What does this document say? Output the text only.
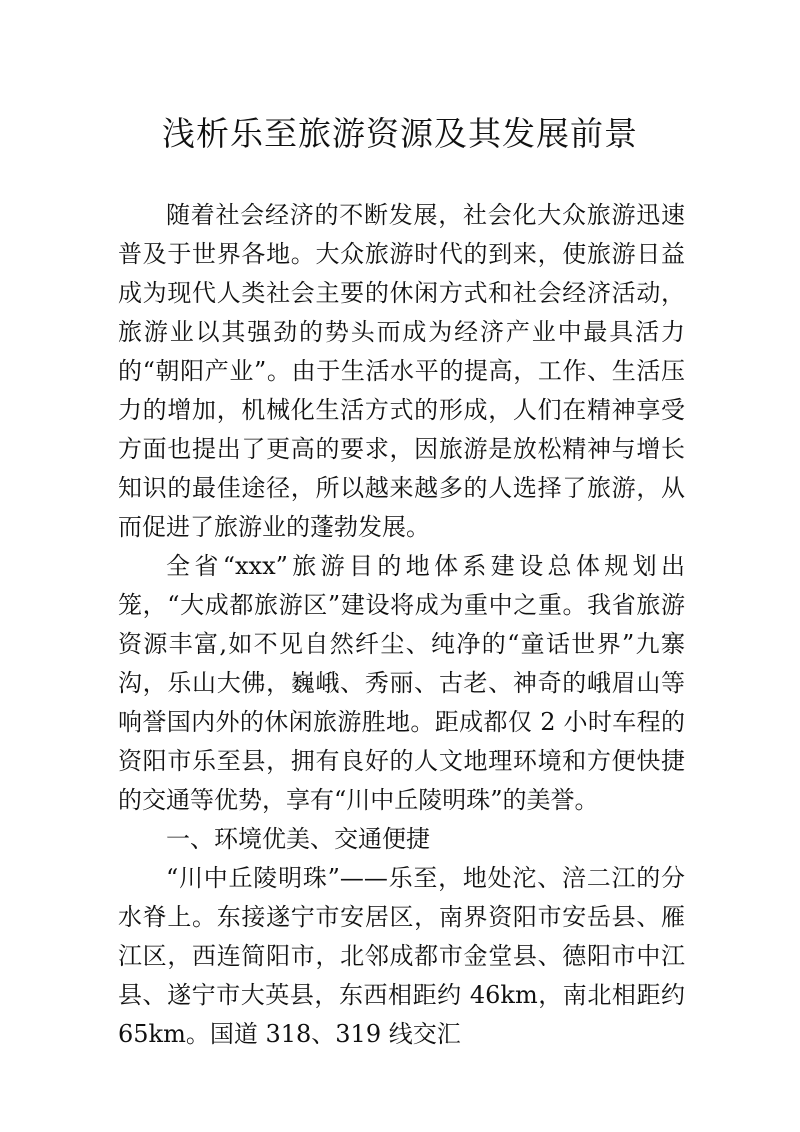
浅析乐至旅游资源及其发展前景

随着社会经济的不断发展，社会化大众旅游迅速普及于世界各地。大众旅游时代的到来，使旅游日益成为现代人类社会主要的休闲方式和社会经济活动，旅游业以其强劲的势头而成为经济产业中最具活力的“朝阳产业”。由于生活水平的提高，工作、生活压力的增加，机械化生活方式的形成，人们在精神享受方面也提出了更高的要求，因旅游是放松精神与增长知识的最佳途径，所以越来越多的人选择了旅游，从而促进了旅游业的蓬勃发展。

全省“xxx”旅游目的地体系建设总体规划出笼，“大成都旅游区”建设将成为重中之重。我省旅游资源丰富,如不见自然纤尘、纯净的“童话世界”九寨沟，乐山大佛，巍峨、秀丽、古老、神奇的峨眉山等响誉国内外的休闲旅游胜地。距成都仅 2 小时车程的资阳市乐至县，拥有良好的人文地理环境和方便快捷的交通等优势，享有“川中丘陵明珠”的美誉。

一、环境优美、交通便捷

“川中丘陵明珠”——乐至，地处沱、涪二江的分水脊上。东接遂宁市安居区，南界资阳市安岳县、雁江区，西连简阳市，北邻成都市金堂县、德阳市中江县、遂宁市大英县，东西相距约 46km，南北相距约 65km。国道 318、319 线交汇
